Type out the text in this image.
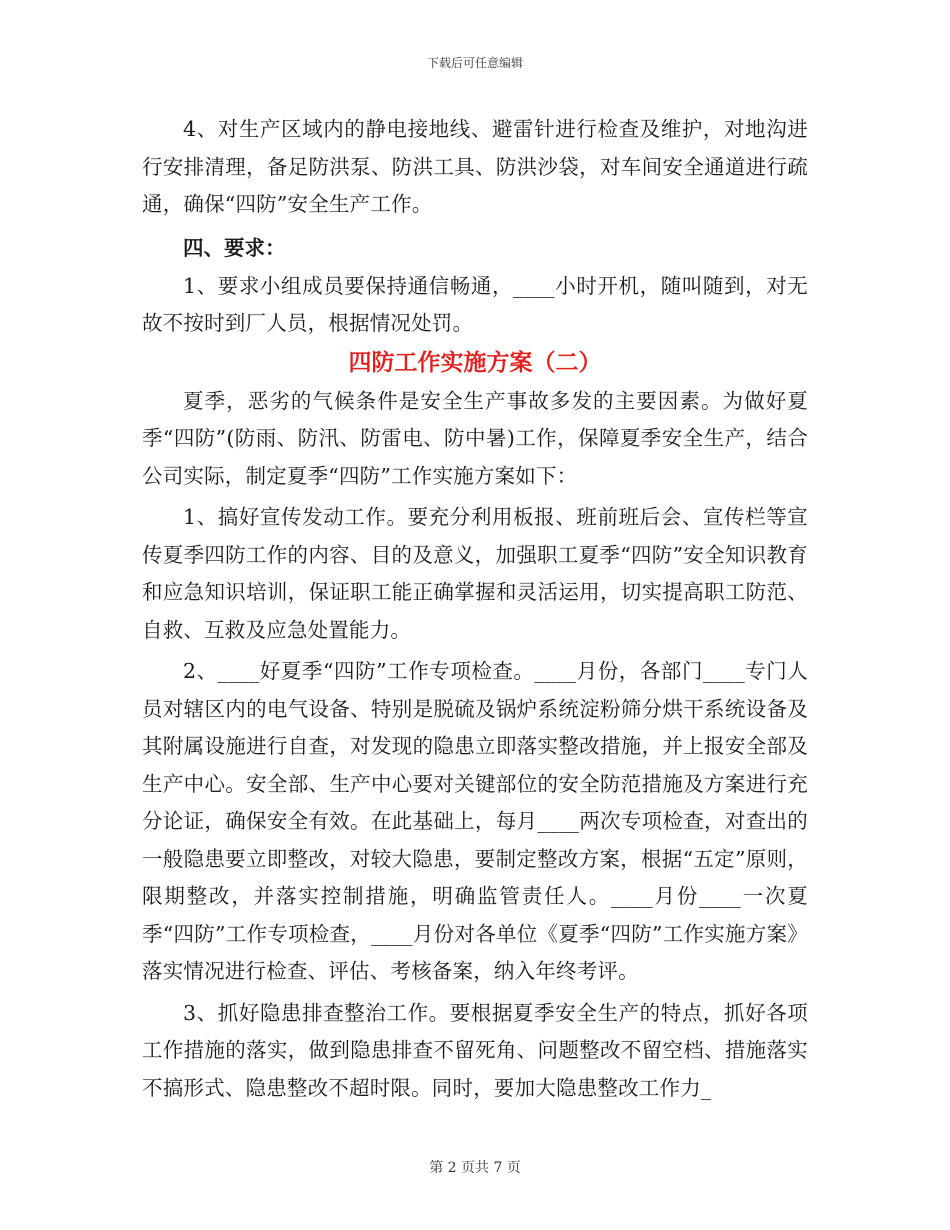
下载后可任意编辑

4、对生产区域内的静电接地线、避雷针进行检查及维护，对地沟进行安排清理，备足防洪泵、防洪工具、防洪沙袋，对车间安全通道进行疏通，确保“四防”安全生产工作。

四、要求：

1、要求小组成员要保持通信畅通，____小时开机，随叫随到，对无故不按时到厂人员，根据情况处罚。

四防工作实施方案（二）

夏季，恶劣的气候条件是安全生产事故多发的主要因素。为做好夏季“四防”(防雨、防汛、防雷电、防中暑)工作，保障夏季安全生产，结合公司实际，制定夏季“四防”工作实施方案如下：

1、搞好宣传发动工作。要充分利用板报、班前班后会、宣传栏等宣传夏季四防工作的内容、目的及意义，加强职工夏季“四防”安全知识教育和应急知识培训，保证职工能正确掌握和灵活运用，切实提高职工防范、自救、互救及应急处置能力。

2、____好夏季“四防”工作专项检查。____月份，各部门____专门人员对辖区内的电气设备、特别是脱硫及锅炉系统淀粉筛分烘干系统设备及其附属设施进行自查，对发现的隐患立即落实整改措施，并上报安全部及生产中心。安全部、生产中心要对关键部位的安全防范措施及方案进行充分论证，确保安全有效。在此基础上，每月____两次专项检查，对查出的一般隐患要立即整改，对较大隐患，要制定整改方案，根据“五定”原则，限期整改，并落实控制措施，明确监管责任人。____月份____一次夏季“四防”工作专项检查，____月份对各单位《夏季“四防”工作实施方案》落实情况进行检查、评估、考核备案，纳入年终考评。

3、抓好隐患排查整治工作。要根据夏季安全生产的特点，抓好各项工作措施的落实，做到隐患排查不留死角、问题整改不留空档、措施落实不搞形式、隐患整改不超时限。同时，要加大隐患整改工作力_

第 2 页共 7 页
